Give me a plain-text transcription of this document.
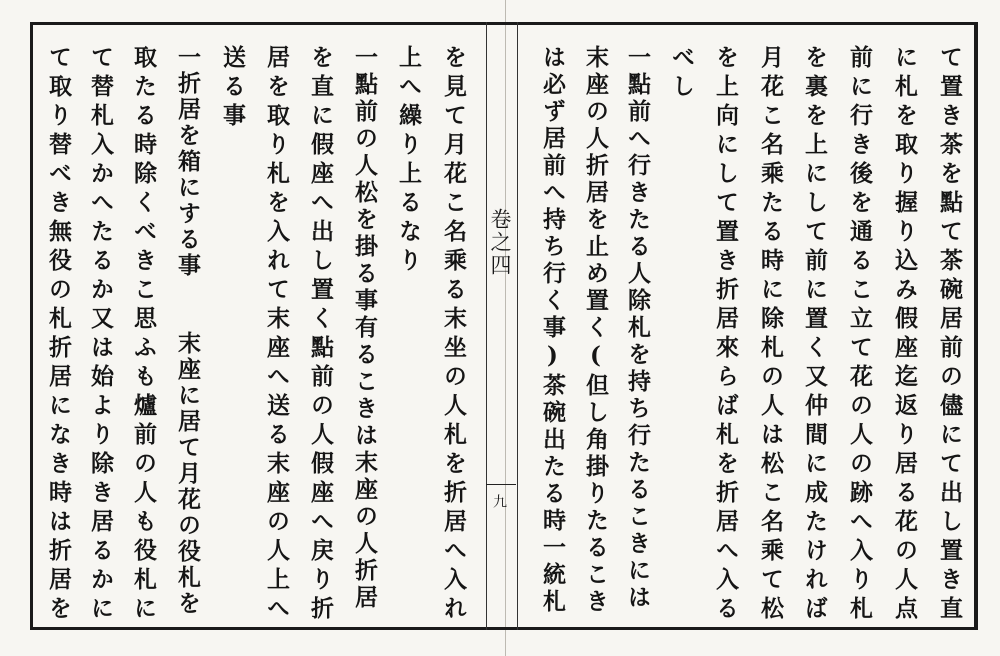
卷之四
九	て置き茶を點て茶碗居前の儘にて出し置き直
に札を取り握り込み假座迄返り居る花の人点
前に行き後を通るこ立て花の人の跡へ入り札
を裏を上にして前に置く又仲間に成たければ
月花こ名乘たる時に除札の人は松こ名乘て松
を上向にして置き折居來らば札を折居へ入る
べし
一點前へ行きたる人除札を持ち行たるこきには
末座の人折居を止め置く(但し角掛りたるこき
は必ず居前へ持ち行く事)茶碗出たる時一統札
を見て月花こ名乘る末坐の人札を折居へ入れ
上へ繰り上るなり
一點前の人松を掛る事有るこきは末座の人折居
を直に假座へ出し置く點前の人假座へ戻り折
居を取り札を入れて末座へ送る末座の人上へ
送る事
一折居を箱にする事　　末座に居て月花の役札を
取たる時除くべきこ思ふも爐前の人も役札に
て替札入かへたるか又は始より除き居るかに
て取り替べき無役の札折居になき時は折居を
